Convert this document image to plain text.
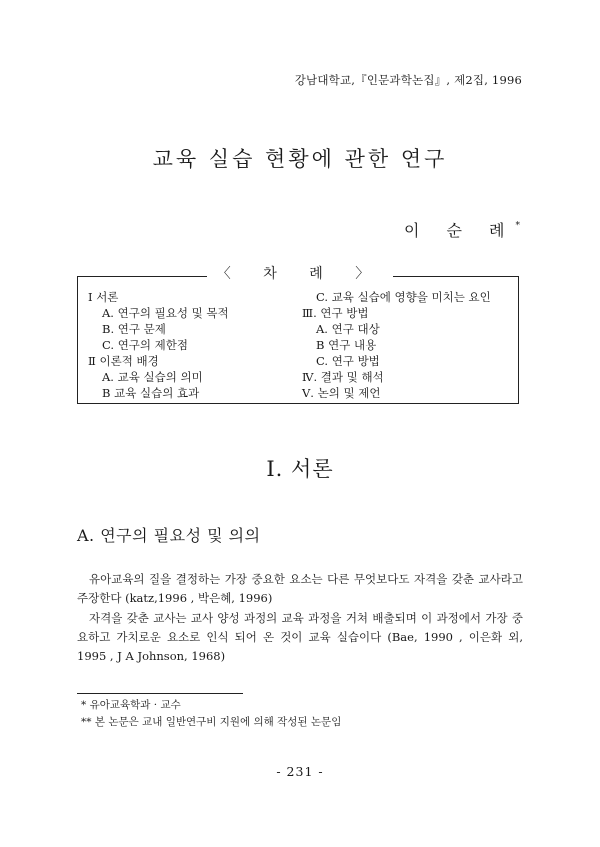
강남대학교,『인문과학논집』, 제2집, 1996
교육 실습 현황에 관한 연구
이 순 례*
〈 차 례 〉
Ⅰ 서론
A. 연구의 필요성 및 목적
B. 연구 문제
C. 연구의 제한점
Ⅱ 이론적 배경
A. 교육 실습의 의미
B 교육 실습의 효과
C. 교육 실습에 영향을 미치는 요인
Ⅲ. 연구 방법
A. 연구 대상
B 연구 내용
C. 연구 방법
Ⅳ. 결과 및 해석
Ⅴ. 논의 및 제언
Ⅰ. 서론
A. 연구의 필요성 및 의의
유아교육의 질을 결정하는 가장 중요한 요소는 다른 무엇보다도 자격을 갖춘 교사라고 주장한다 (katz,1996 , 박은혜, 1996)
자격을 갖춘 교사는 교사 양성 과정의 교육 과정을 거쳐 배출되며 이 과정에서 가장 중요하고 가치로운 요소로 인식 되어 온 것이 교육 실습이다 (Bae, 1990 , 이은화 외, 1995 , J A Johnson, 1968)
* 유아교육학과 · 교수
** 본 논문은 교내 일반연구비 지원에 의해 작성된 논문임
- 231 -
